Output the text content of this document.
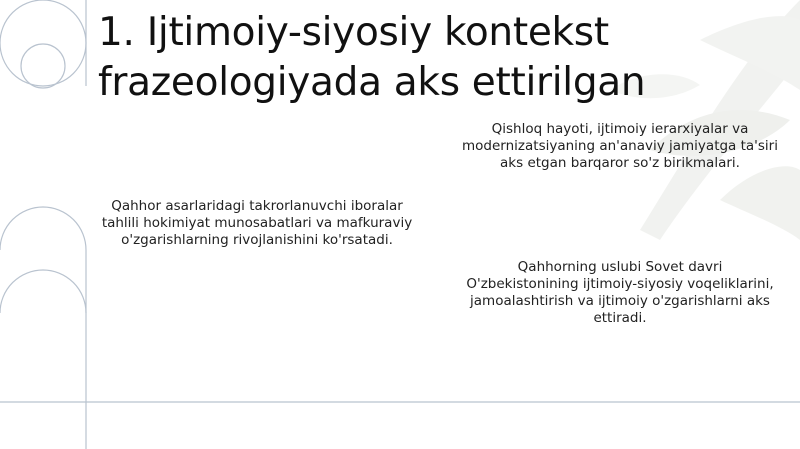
1. Ijtimoiy-siyosiy kontekst
frazeologiyada aks ettirilgan
Qishloq hayoti, ijtimoiy ierarxiyalar va
modernizatsiyaning an'anaviy jamiyatga ta'siri
aks etgan barqaror so'z birikmalari.
Qahhor asarlaridagi takrorlanuvchi iboralar
tahlili hokimiyat munosabatlari va mafkuraviy
o'zgarishlarning rivojlanishini ko'rsatadi.
Qahhorning uslubi Sovet davri
O'zbekistonining ijtimoiy-siyosiy voqeliklarini,
jamoalashtirish va ijtimoiy o'zgarishlarni aks
ettiradi.
